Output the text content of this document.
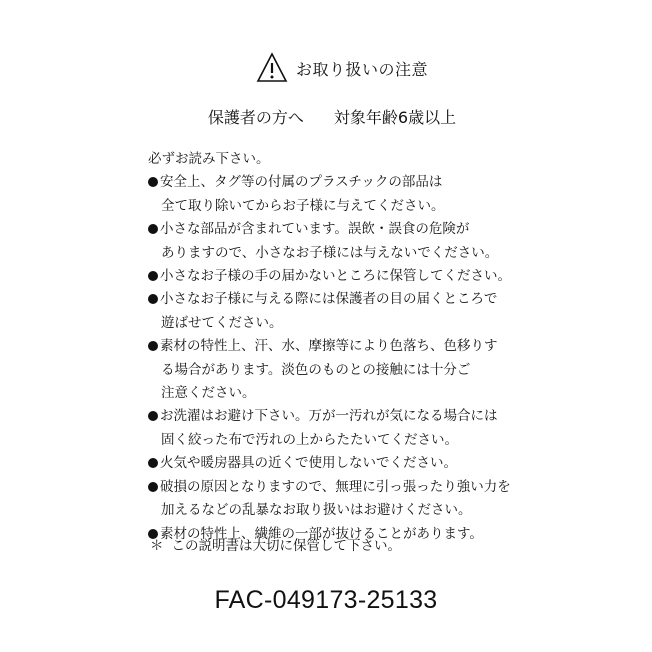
お取り扱いの注意
保護者の方へ 対象年齢6歳以上
必ずお読み下さい。
安全上、タグ等の付属のプラスチックの部品は
全て取り除いてからお子様に与えてください。
小さな部品が含まれています。誤飲・誤食の危険が
ありますので、小さなお子様には与えないでください。
小さなお子様の手の届かないところに保管してください。
小さなお子様に与える際には保護者の目の届くところで
遊ばせてください。
素材の特性上、汗、水、摩擦等により色落ち、色移りす
る場合があります。淡色のものとの接触には十分ご
注意ください。
お洗濯はお避け下さい。万が一汚れが気になる場合には
固く絞った布で汚れの上からたたいてください。
火気や暖房器具の近くで使用しないでください。
破損の原因となりますので、無理に引っ張ったり強い力を
加えるなどの乱暴なお取り扱いはお避けください。
素材の特性上、繊維の一部が抜けることがあります。
＊ この説明書は大切に保管して下さい。
FAC-049173-25133
